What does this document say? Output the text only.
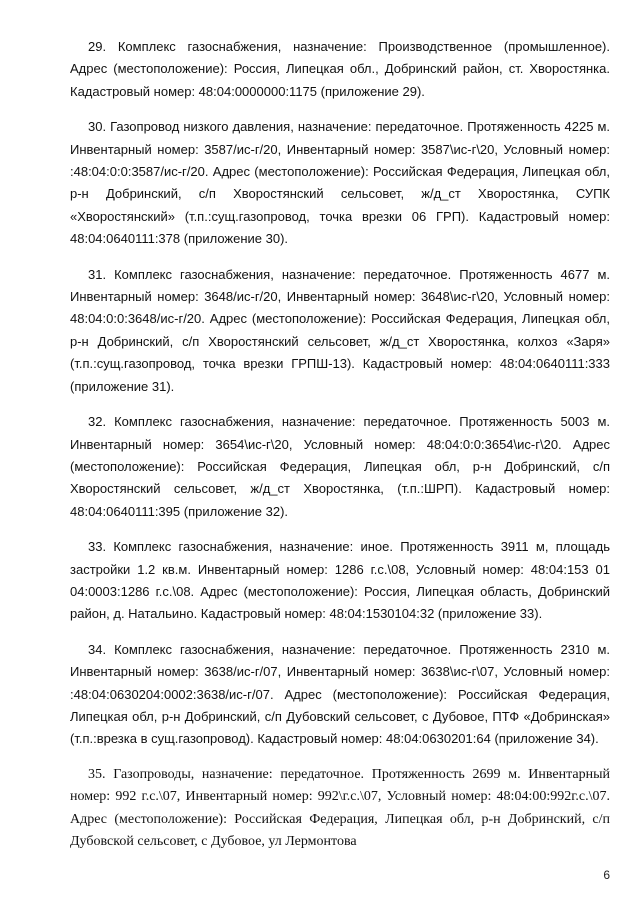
29. Комплекс газоснабжения, назначение: Производственное (промышленное). Адрес (местоположение): Россия, Липецкая обл., Добринский район, ст. Хворостянка. Кадастровый номер: 48:04:0000000:1175 (приложение 29).

30. Газопровод низкого давления, назначение: передаточное. Протяженность 4225 м. Инвентарный номер: 3587/ис-г/20, Инвентарный номер: 3587\ис-г\20, Условный номер: :48:04:0:0:3587/ис-г/20. Адрес (местоположение): Российская Федерация, Липецкая обл, р-н Добринский, с/п Хворостянский сельсовет, ж/д_ст Хворостянка, СУПК «Хворостянский» (т.п.:сущ.газопровод, точка врезки 06 ГРП). Кадастровый номер: 48:04:0640111:378 (приложение 30).

31. Комплекс газоснабжения, назначение: передаточное. Протяженность 4677 м. Инвентарный номер: 3648/ис-г/20, Инвентарный номер: 3648\ис-г\20, Условный номер: 48:04:0:0:3648/ис-г/20. Адрес (местоположение): Российская Федерация, Липецкая обл, р-н Добринский, с/п Хворостянский сельсовет, ж/д_ст Хворостянка, колхоз «Заря» (т.п.:сущ.газопровод, точка врезки ГРПШ-13). Кадастровый номер: 48:04:0640111:333 (приложение 31).

32. Комплекс газоснабжения, назначение: передаточное. Протяженность 5003 м. Инвентарный номер: 3654\ис-г\20, Условный номер: 48:04:0:0:3654\ис-г\20. Адрес (местоположение): Российская Федерация, Липецкая обл, р-н Добринский, с/п Хворостянский сельсовет, ж/д_ст Хворостянка, (т.п.:ШРП). Кадастровый номер: 48:04:0640111:395 (приложение 32).

33. Комплекс газоснабжения, назначение: иное. Протяженность 3911 м, площадь застройки 1.2 кв.м. Инвентарный номер: 1286 г.с.\08, Условный номер: 48:04:153 01 04:0003:1286 г.с.\08. Адрес (местоположение): Россия, Липецкая область, Добринский район, д. Натальино. Кадастровый номер: 48:04:1530104:32 (приложение 33).

34. Комплекс газоснабжения, назначение: передаточное. Протяженность 2310 м. Инвентарный номер: 3638/ис-г/07, Инвентарный номер: 3638\ис-г\07, Условный номер: :48:04:0630204:0002:3638/ис-г/07. Адрес (местоположение): Российская Федерация, Липецкая обл, р-н Добринский, с/п Дубовский сельсовет, с Дубовое, ПТФ «Добринская» (т.п.:врезка в сущ.газопровод). Кадастровый номер: 48:04:0630201:64 (приложение 34).

35. Газопроводы, назначение: передаточное. Протяженность 2699 м. Инвентарный номер: 992 г.с.\07, Инвентарный номер: 992\г.с.\07, Условный номер: 48:04:00:992г.с.\07. Адрес (местоположение): Российская Федерация, Липецкая обл, р-н Добринский, с/п Дубовской сельсовет, с Дубовое, ул Лермонтова

6
